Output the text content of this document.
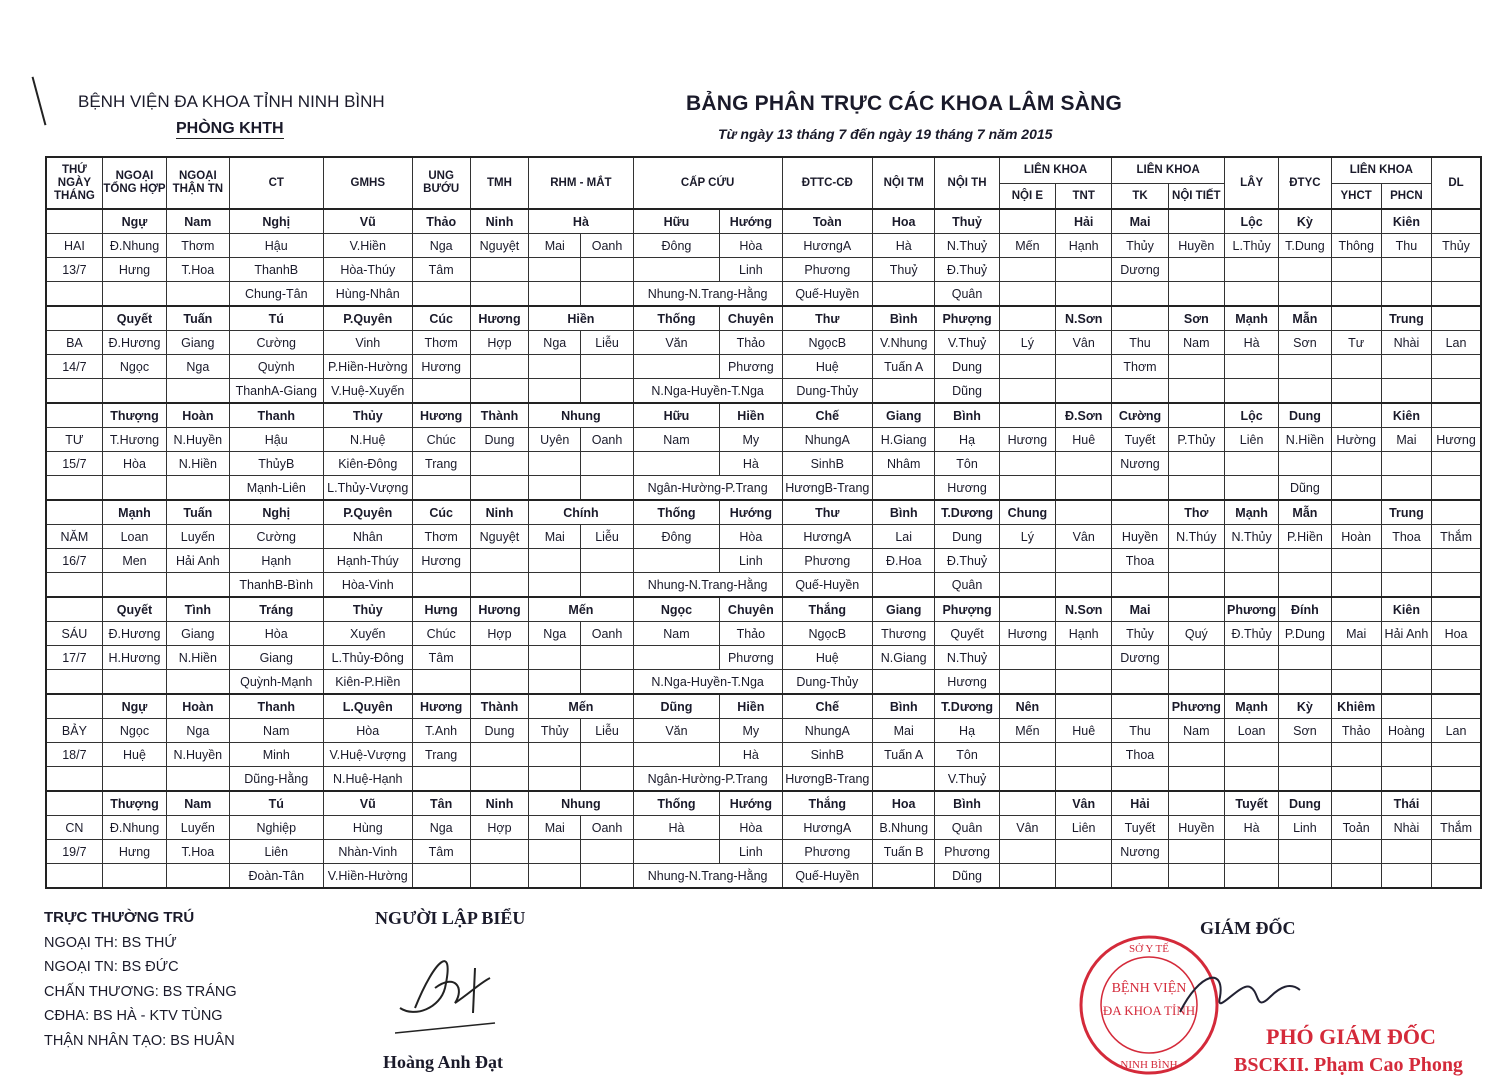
BỆNH VIỆN ĐA KHOA TỈNH NINH BÌNH
PHÒNG KHTH
BẢNG PHÂN TRỰC CÁC KHOA LÂM SÀNG
Từ ngày 13 tháng 7 đến ngày 19 tháng 7 năm 2015
THỨ NGÀY THÁNG	NGOẠI TỔNG HỢP	NGOẠI THẬN TN	CT	GMHS	UNG BƯỚU	TMH	RHM - MẮT		CẤP CỨU		ĐTTC-CĐ	NỘI TM	NỘI TH	LIÊN KHOA		LIÊN KHOA		LÂY	ĐTYC	LIÊN KHOA		DL
														NỘI E	TNT	TK	NỘI TIẾT			YHCT	PHCN	
	Ngự	Nam	Nghị	Vũ	Thảo	Ninh	Hà		Hữu	Hướng	Toàn	Hoa	Thuỷ		Hải	Mai		Lộc	Kỳ		Kiên	
HAI	Đ.Nhung	Thơm	Hậu	V.Hiền	Nga	Nguyệt	Mai	Oanh	Đông	Hòa	HươngA	Hà	N.Thuỷ	Mến	Hạnh	Thủy	Huyền	L.Thủy	T.Dung	Thông	Thu	Thủy
13/7	Hưng	T.Hoa	ThanhB	Hòa-Thúy	Tâm					Linh	Phương	Thuỷ	Đ.Thuỷ			Dương						
			Chung-Tân	Hùng-Nhân					Nhung-N.Trang-Hằng		Quế-Huyền		Quân									
	Quyết	Tuấn	Tú	P.Quyên	Cúc	Hương	Hiền		Thống	Chuyên	Thư	Bình	Phượng		N.Sơn		Sơn	Mạnh	Mẫn		Trung	
BA	Đ.Hương	Giang	Cường	Vinh	Thơm	Hợp	Nga	Liễu	Văn	Thảo	NgọcB	V.Nhung	V.Thuỷ	Lý	Vân	Thu	Nam	Hà	Sơn	Tư	Nhài	Lan
14/7	Ngọc	Nga	Quỳnh	P.Hiền-Hường	Hương					Phương	Huệ	Tuấn A	Dung			Thơm						
			ThanhA-Giang	V.Huệ-Xuyến					N.Nga-Huyền-T.Nga		Dung-Thủy		Dũng									
	Thượng	Hoàn	Thanh	Thủy	Hương	Thành	Nhung		Hữu	Hiền	Chế	Giang	Bình		Đ.Sơn	Cường		Lộc	Dung		Kiên	
TƯ	T.Hương	N.Huyền	Hậu	N.Huệ	Chúc	Dung	Uyên	Oanh	Nam	My	NhungA	H.Giang	Hạ	Hương	Huê	Tuyết	P.Thủy	Liên	N.Hiền	Hường	Mai	Hương
15/7	Hòa	N.Hiền	ThủyB	Kiên-Đông	Trang					Hà	SinhB	Nhâm	Tôn			Nương						
			Mạnh-Liên	L.Thủy-Vượng					Ngân-Hường-P.Trang		HươngB-Trang		Hương						Dũng			
	Mạnh	Tuấn	Nghị	P.Quyên	Cúc	Ninh	Chính		Thống	Hướng	Thư	Bình	T.Dương	Chung			Thơ	Mạnh	Mẫn		Trung	
NĂM	Loan	Luyến	Cường	Nhân	Thơm	Nguyệt	Mai	Liễu	Đông	Hòa	HươngA	Lai	Dung	Lý	Vân	Huyền	N.Thúy	N.Thủy	P.Hiền	Hoàn	Thoa	Thắm
16/7	Men	Hải Anh	Hạnh	Hạnh-Thúy	Hương					Linh	Phương	Đ.Hoa	Đ.Thuỷ			Thoa						
			ThanhB-Bình	Hòa-Vinh					Nhung-N.Trang-Hằng		Quế-Huyền		Quân									
	Quyết	Tình	Tráng	Thủy	Hưng	Hương	Mến		Ngọc	Chuyên	Thắng	Giang	Phượng		N.Sơn	Mai		Phương	Đính		Kiên	
SÁU	Đ.Hương	Giang	Hòa	Xuyến	Chúc	Hợp	Nga	Oanh	Nam	Thảo	NgọcB	Thương	Quyết	Hương	Hạnh	Thủy	Quý	Đ.Thủy	P.Dung	Mai	Hải Anh	Hoa
17/7	H.Hương	N.Hiền	Giang	L.Thủy-Đông	Tâm					Phương	Huệ	N.Giang	N.Thuỷ			Dương						
			Quỳnh-Mạnh	Kiên-P.Hiền					N.Nga-Huyền-T.Nga		Dung-Thủy		Hương									
	Ngự	Hoàn	Thanh	L.Quyên	Hương	Thành	Mến		Dũng	Hiền	Chế	Bình	T.Dương	Nên			Phương	Mạnh	Kỳ	Khiêm		
BẢY	Ngọc	Nga	Nam	Hòa	T.Anh	Dung	Thủy	Liễu	Văn	My	NhungA	Mai	Hạ	Mến	Huê	Thu	Nam	Loan	Sơn	Thảo	Hoàng	Lan
18/7	Huệ	N.Huyền	Minh	V.Huệ-Vượng	Trang					Hà	SinhB	Tuấn A	Tôn			Thoa						
			Dũng-Hằng	N.Huệ-Hạnh					Ngân-Hường-P.Trang		HươngB-Trang		V.Thuỷ									
	Thượng	Nam	Tú	Vũ	Tân	Ninh	Nhung		Thống	Hướng	Thắng	Hoa	Bình		Vân	Hải		Tuyết	Dung		Thái	
CN	Đ.Nhung	Luyến	Nghiệp	Hùng	Nga	Hợp	Mai	Oanh	Hà	Hòa	HươngA	B.Nhung	Quân	Vân	Liên	Tuyết	Huyền	Hà	Linh	Toản	Nhài	Thắm
19/7	Hưng	T.Hoa	Liên	Nhàn-Vinh	Tâm					Linh	Phương	Tuấn B	Phương			Nương						
			Đoàn-Tân	V.Hiền-Hường					Nhung-N.Trang-Hằng		Quế-Huyền		Dũng									
TRỰC THƯỜNG TRÚ
NGOẠI TH: BS THỨ
NGOẠI TN: BS ĐỨC
CHẤN THƯƠNG: BS TRÁNG
CĐHA: BS HÀ - KTV TÙNG
THẬN NHÂN TẠO: BS HUÂN
NGƯỜI LẬP BIỂU
Hoàng Anh Đạt
BỆNH VIỆN
ĐA KHOA TỈNH
SỞ Y TẾ
NINH BÌNH
GIÁM ĐỐC
PHÓ GIÁM ĐỐC
BSCKII. Phạm Cao Phong
